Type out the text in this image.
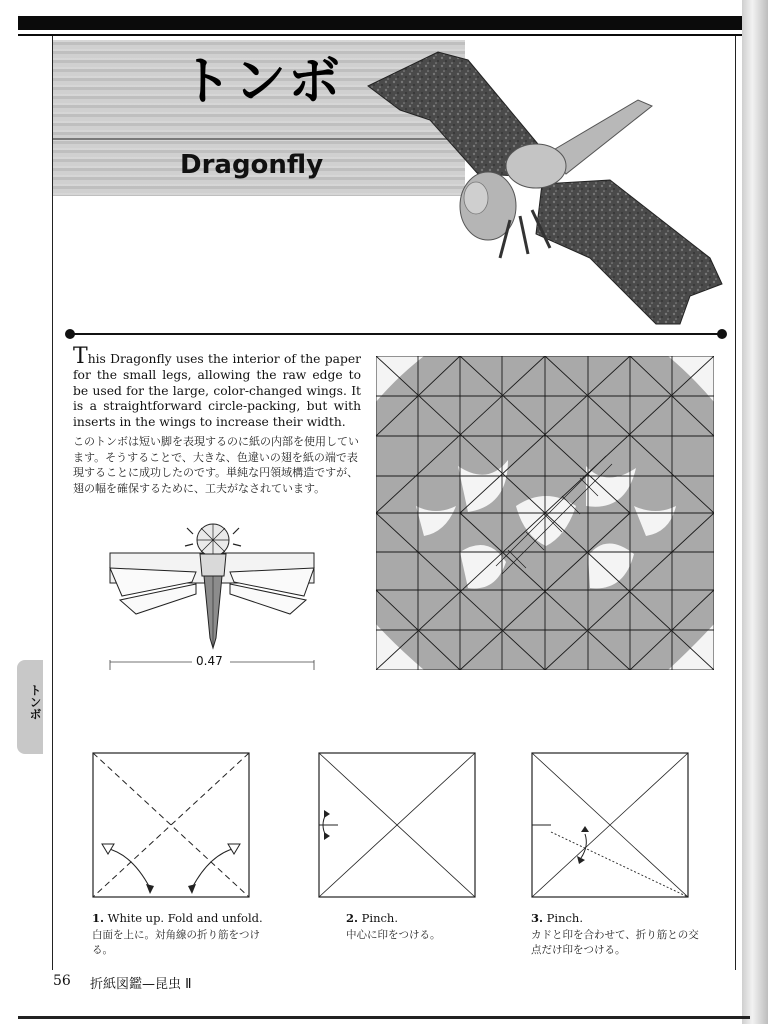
トンボ
Dragonfly

This Dragonfly uses the interior of the paper for the small legs, allowing the raw edge to be used for the large, color-changed wings. It is a straightforward circle-packing, but with inserts in the wings to increase their width.

このトンボは短い脚を表現するのに紙の内部を使用しています。そうすることで、大きな、色違いの翅を紙の端で表現することに成功したのです。単純な円領域構造ですが、翅の幅を確保するために、工夫がなされています。

0.47
トンボ

1. White up. Fold and unfold.

白面を上に。対角線の折り筋をつける。

2. Pinch.

中心に印をつける。

3. Pinch.

カドと印を合わせて、折り筋との交点だけ印をつける。

56 折紙図鑑—昆虫 Ⅱ
